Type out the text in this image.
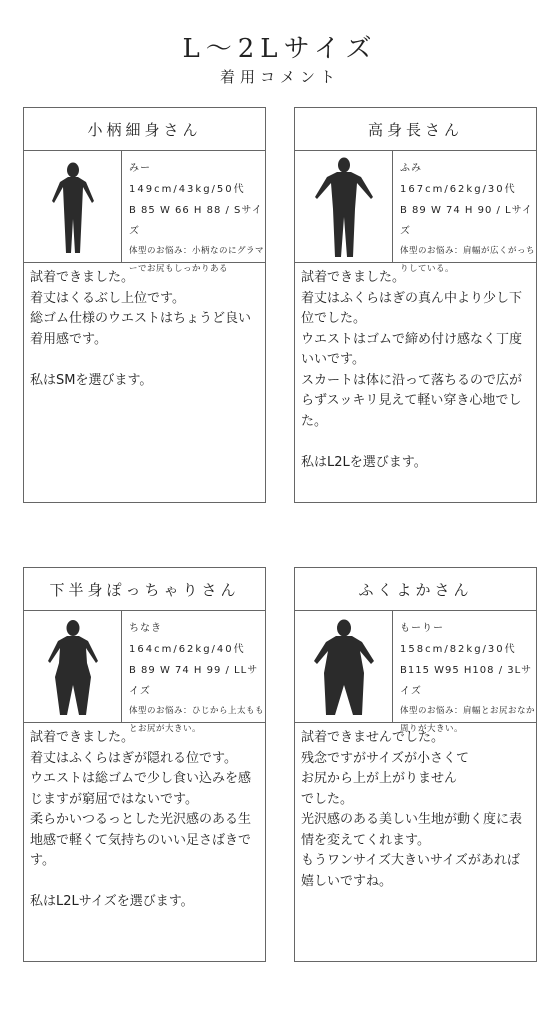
L～2Lサイズ
着用コメント
小柄細身さん
みー
149cm/43kg/50代
B 85 W 66 H 88 / Sサイズ
体型のお悩み：小柄なのにグラマーでお尻もしっかりある
試着できました。
着丈はくるぶし上位です。
総ゴム仕様のウエストはちょうど良い着用感です。

私はSMを選びます。
高身長さん
ふみ
167cm/62kg/30代
B 89 W 74 H 90 / Lサイズ
体型のお悩み：肩幅が広くがっちりしている。
試着できました。
着丈はふくらはぎの真ん中より少し下位でした。
ウエストはゴムで締め付け感なく丁度いいです。
スカートは体に沿って落ちるので広がらずスッキリ見えて軽い穿き心地でした。

私はL2Lを選びます。
下半身ぽっちゃりさん
ちなき
164cm/62kg/40代
B 89 W 74 H 99 / LLサイズ
体型のお悩み：ひじから上太ももとお尻が大きい。
試着できました。
着丈はふくらはぎが隠れる位です。
ウエストは総ゴムで少し食い込みを感じますが窮屈ではないです。
柔らかいつるっとした光沢感のある生地感で軽くて気持ちのいい足さばきです。

私はL2Lサイズを選びます。
ふくよかさん
もーりー
158cm/82kg/30代
B115 W95 H108 / 3Lサイズ
体型のお悩み：肩幅とお尻おなか周りが大きい。
試着できませんでした。
残念ですがサイズが小さくて
お尻から上が上がりません
でした。
光沢感のある美しい生地が動く度に表情を変えてくれます。
もうワンサイズ大きいサイズがあれば嬉しいですね。
